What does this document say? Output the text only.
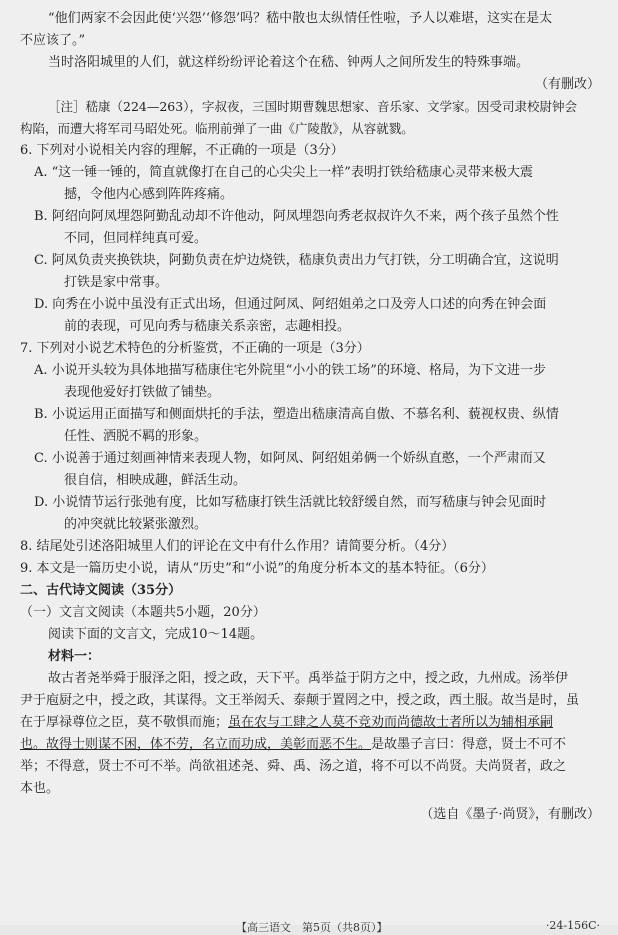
“他们两家不会因此使‘兴怨’‘修怨’吗？嵇中散也太纵情任性啦，予人以难堪，这实在是太

不应该了。”

当时洛阳城里的人们，就这样纷纷评论着这个在嵇、钟两人之间所发生的特殊事端。

（有删改）

［注］嵇康（224—263），字叔夜，三国时期曹魏思想家、音乐家、文学家。因受司隶校尉钟会

构陷，而遭大将军司马昭处死。临刑前弹了一曲《广陵散》，从容就戮。

6. 下列对小说相关内容的理解，不正确的一项是（3分）

A. “这一锤一锤的，简直就像打在自己的心尖尖上一样”表明打铁给嵇康心灵带来极大震

撼，令他内心感到阵阵疼痛。

B. 阿绍向阿凤埋怨阿勤乱动却不许他动，阿凤埋怨向秀老叔叔许久不来，两个孩子虽然个性

不同，但同样纯真可爱。

C. 阿凤负责夹换铁块，阿勤负责在炉边烧铁，嵇康负责出力气打铁，分工明确合宜，这说明

打铁是家中常事。

D. 向秀在小说中虽没有正式出场，但通过阿凤、阿绍姐弟之口及旁人口述的向秀在钟会面

前的表现，可见向秀与嵇康关系亲密，志趣相投。

7. 下列对小说艺术特色的分析鉴赏，不正确的一项是（3分）

A. 小说开头较为具体地描写嵇康住宅外院里“小小的铁工场”的环境、格局，为下文进一步

表现他爱好打铁做了铺垫。

B. 小说运用正面描写和侧面烘托的手法，塑造出嵇康清高自傲、不慕名利、藐视权贵、纵情

任性、洒脱不羁的形象。

C. 小说善于通过刻画神情来表现人物，如阿凤、阿绍姐弟俩一个娇纵直憨，一个严肃而又

很自信，相映成趣，鲜活生动。

D. 小说情节运行张弛有度，比如写嵇康打铁生活就比较舒缓自然，而写嵇康与钟会见面时

的冲突就比较紧张激烈。

8. 结尾处引述洛阳城里人们的评论在文中有什么作用？请简要分析。（4分）

9. 本文是一篇历史小说，请从“历史”和“小说”的角度分析本文的基本特征。（6分）

二、古代诗文阅读（35分）

（一）文言文阅读（本题共5小题，20分）

阅读下面的文言文，完成10～14题。

材料一：

故古者尧举舜于服泽之阳，授之政，天下平。禹举益于阴方之中，授之政，九州成。汤举伊

尹于庖厨之中，授之政，其谋得。文王举闳夭、泰颠于置罔之中，授之政，西土服。故当是时，虽

在于厚禄尊位之臣，莫不敬惧而施；虽在农与工肆之人莫不竞劝而尚德故士者所以为辅相承嗣

也。故得士则谋不困，体不劳，名立而功成，美彰而恶不生。是故墨子言曰：得意，贤士不可不

举；不得意，贤士不可不举。尚欲祖述尧、舜、禹、汤之道，将不可以不尚贤。夫尚贤者，政之

本也。

（选自《墨子·尚贤》，有删改）

【高三语文　第5页（共8页）】	·24-156C·
